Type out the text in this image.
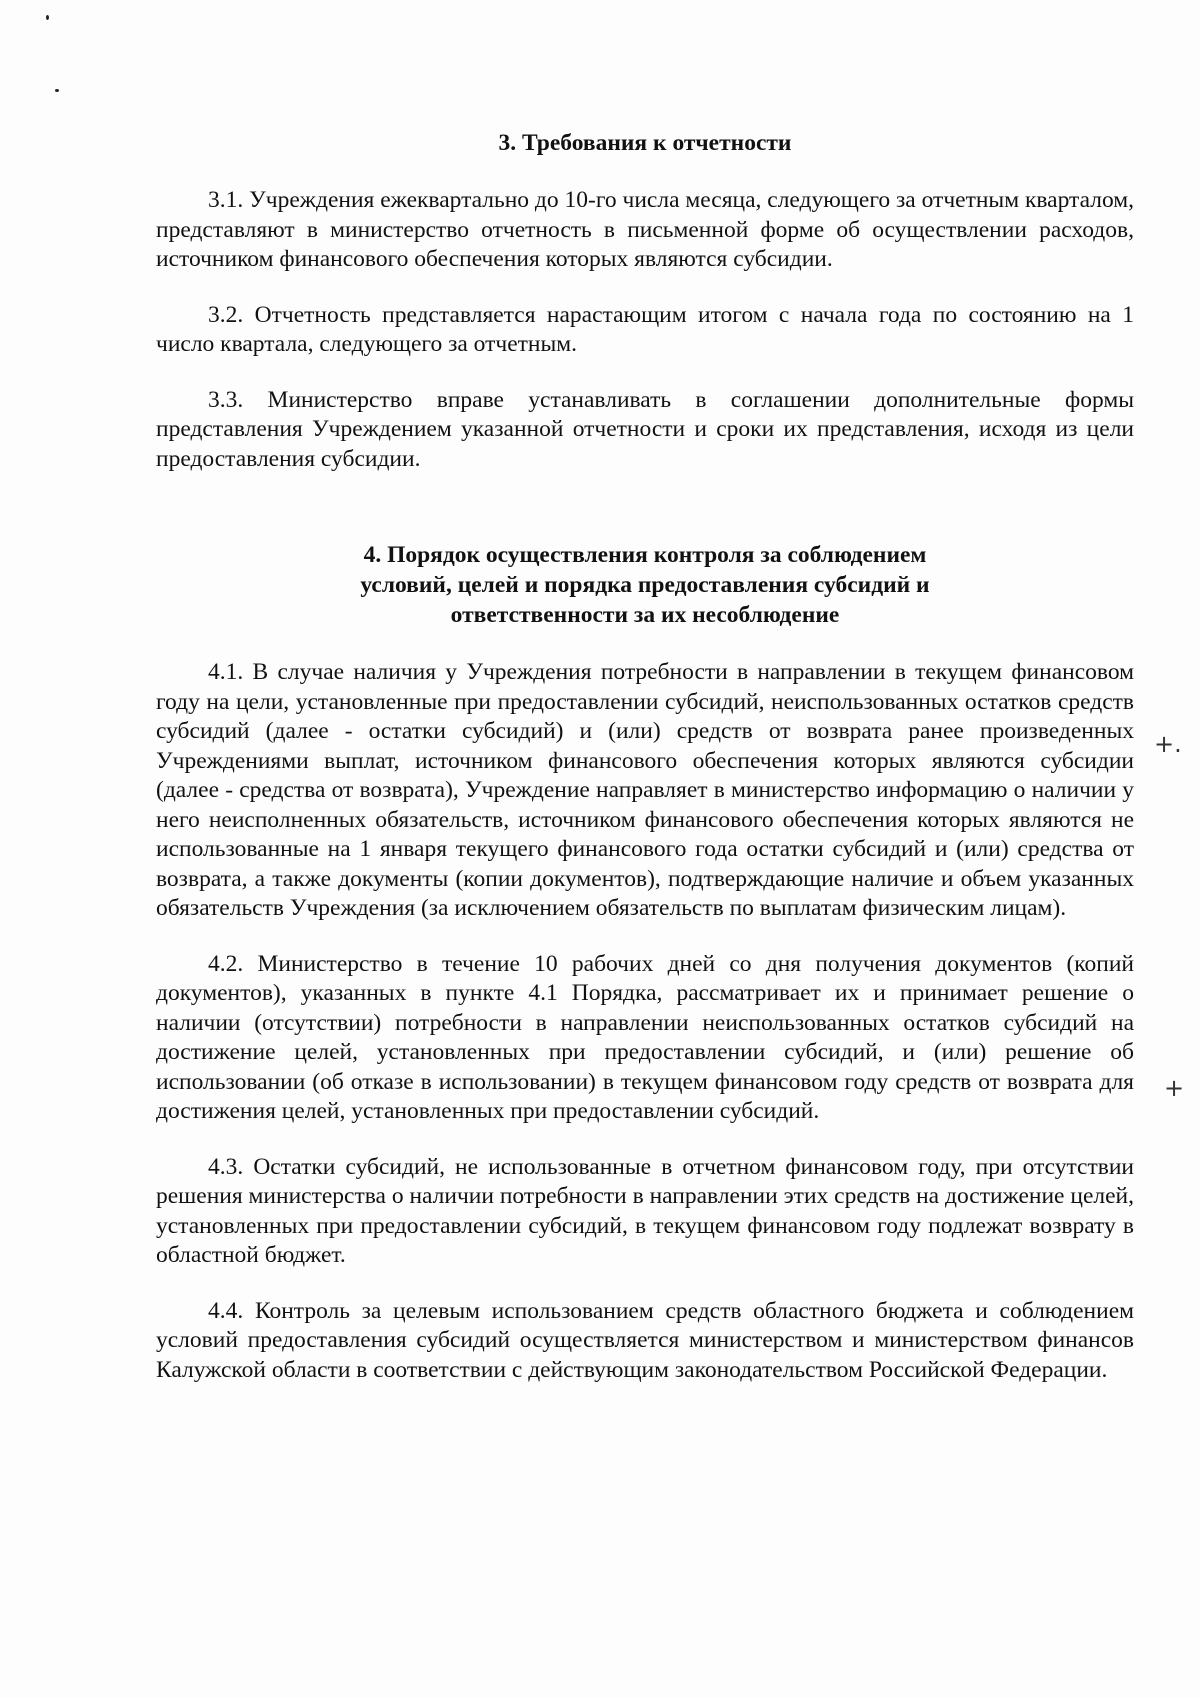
+.
+
3. Требования к отчетности

3.1. Учреждения ежеквартально до 10-го числа месяца, следующего за отчетным кварталом, представляют в министерство отчетность в письменной форме об осуществлении расходов, источником финансового обеспечения которых являются субсидии.

3.2. Отчетность представляется нарастающим итогом с начала года по состоянию на 1 число квартала, следующего за отчетным.

3.3. Министерство вправе устанавливать в соглашении дополнительные формы представления Учреждением указанной отчетности и сроки их представления, исходя из цели предоставления субсидии.

4. Порядок осуществления контроля за соблюдением
условий, целей и порядка предоставления субсидий и
ответственности за их несоблюдение

4.1. В случае наличия у Учреждения потребности в направлении в текущем финансовом году на цели, установленные при предоставлении субсидий, неиспользованных остатков средств субсидий (далее - остатки субсидий) и (или) средств от возврата ранее произведенных Учреждениями выплат, источником финансового обеспечения которых являются субсидии (далее - средства от возврата), Учреждение направляет в министерство информацию о наличии у него неисполненных обязательств, источником финансового обеспечения которых являются не использованные на 1 января текущего финансового года остатки субсидий и (или) средства от возврата, а также документы (копии документов), подтверждающие наличие и объем указанных обязательств Учреждения (за исключением обязательств по выплатам физическим лицам).

4.2. Министерство в течение 10 рабочих дней со дня получения документов (копий документов), указанных в пункте 4.1 Порядка, рассматривает их и принимает решение о наличии (отсутствии) потребности в направлении неиспользованных остатков субсидий на достижение целей, установленных при предоставлении субсидий, и (или) решение об использовании (об отказе в использовании) в текущем финансовом году средств от возврата для достижения целей, установленных при предоставлении субсидий.

4.3. Остатки субсидий, не использованные в отчетном финансовом году, при отсутствии решения министерства о наличии потребности в направлении этих средств на достижение целей, установленных при предоставлении субсидий, в текущем финансовом году подлежат возврату в областной бюджет.

4.4. Контроль за целевым использованием средств областного бюджета и соблюдением условий предоставления субсидий осуществляется министерством и министерством финансов Калужской области в соответствии с действующим законодательством Российской Федерации.
